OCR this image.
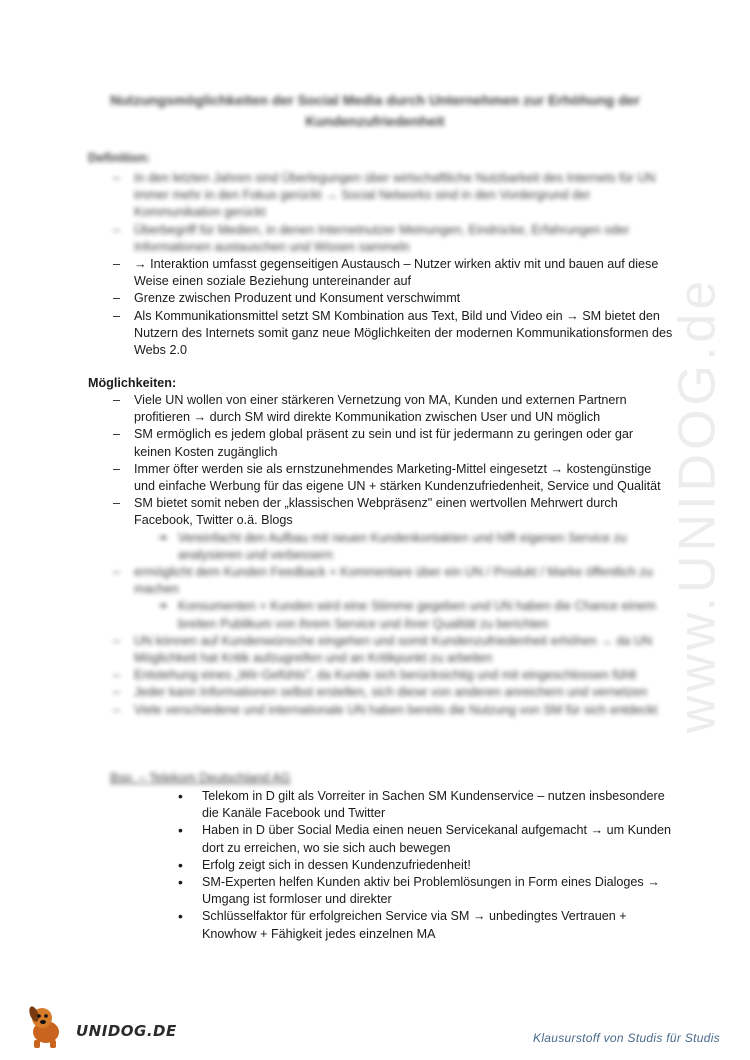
www.UNIDOG.de
Nutzungsmöglichkeiten der Social Media durch Unternehmen zur Erhöhung der Kundenzufriedenheit
Definition:
– In den letzten Jahren sind Überlegungen über wirtschaftliche Nutzbarkeit des Internets für UN immer mehr in den Fokus gerückt → Social Networks sind in den Vordergrund der Kommunikation gerückt
– Überbegriff für Medien, in denen Internetnutzer Meinungen, Eindrücke, Erfahrungen oder Informationen austauschen und Wissen sammeln
– → Interaktion umfasst gegenseitigen Austausch – Nutzer wirken aktiv mit und bauen auf diese Weise einen soziale Beziehung untereinander auf
– Grenze zwischen Produzent und Konsument verschwimmt
– Als Kommunikationsmittel setzt SM Kombination aus Text, Bild und Video ein → SM bietet den Nutzern des Internets somit ganz neue Möglichkeiten der modernen Kommunikationsformen des Webs 2.0
Möglichkeiten:
– Viele UN wollen von einer stärkeren Vernetzung von MA, Kunden und externen Partnern profitieren → durch SM wird direkte Kommunikation zwischen User und UN möglich
– SM ermöglich es jedem global präsent zu sein und ist für jedermann zu geringen oder gar keinen Kosten zugänglich
– Immer öfter werden sie als ernstzunehmendes Marketing-Mittel eingesetzt → kostengünstige und einfache Werbung für das eigene UN + stärken Kundenzufriedenheit, Service und Qualität
– SM bietet somit neben der „klassischen Webpräsenz" einen wertvollen Mehrwert durch Facebook, Twitter o.ä. Blogs
➔ Vereinfacht den Aufbau mit neuen Kundenkontakten und hilft eigenen Service zu analysieren und verbessern
– ermöglicht dem Kunden Feedback + Kommentare über ein UN / Produkt / Marke öffentlich zu machen
➔ Konsumenten + Kunden wird eine Stimme gegeben und UN haben die Chance einem breiten Publikum von ihrem Service und ihrer Qualität zu berichten
– UN können auf Kundenwünsche eingehen und somit Kundenzufriedenheit erhöhen → da UN Möglichkeit hat Kritik aufzugreifen und an Kritikpunkt zu arbeiten
– Entstehung eines „Wir-Gefühls", da Kunde sich berücksichtig und mit eingeschlossen fühlt
– Jeder kann Informationen selbst erstellen, sich diese von anderen anreichern und vernetzen
– Viele verschiedene und internationale UN haben bereits die Nutzung von SM für sich entdeckt
Bsp. – Telekom Deutschland AG
• Telekom in D gilt als Vorreiter in Sachen SM Kundenservice – nutzen insbesondere die Kanäle Facebook und Twitter
• Haben in D über Social Media einen neuen Servicekanal aufgemacht → um Kunden dort zu erreichen, wo sie sich auch bewegen
• Erfolg zeigt sich in dessen Kundenzufriedenheit!
• SM-Experten helfen Kunden aktiv bei Problemlösungen in Form eines Dialoges → Umgang ist formloser und direkter
• Schlüsselfaktor für erfolgreichen Service via SM → unbedingtes Vertrauen + Knowhow + Fähigkeit jedes einzelnen MA
UNIDOG.DE	Klausurstoff von Studis für Studis
